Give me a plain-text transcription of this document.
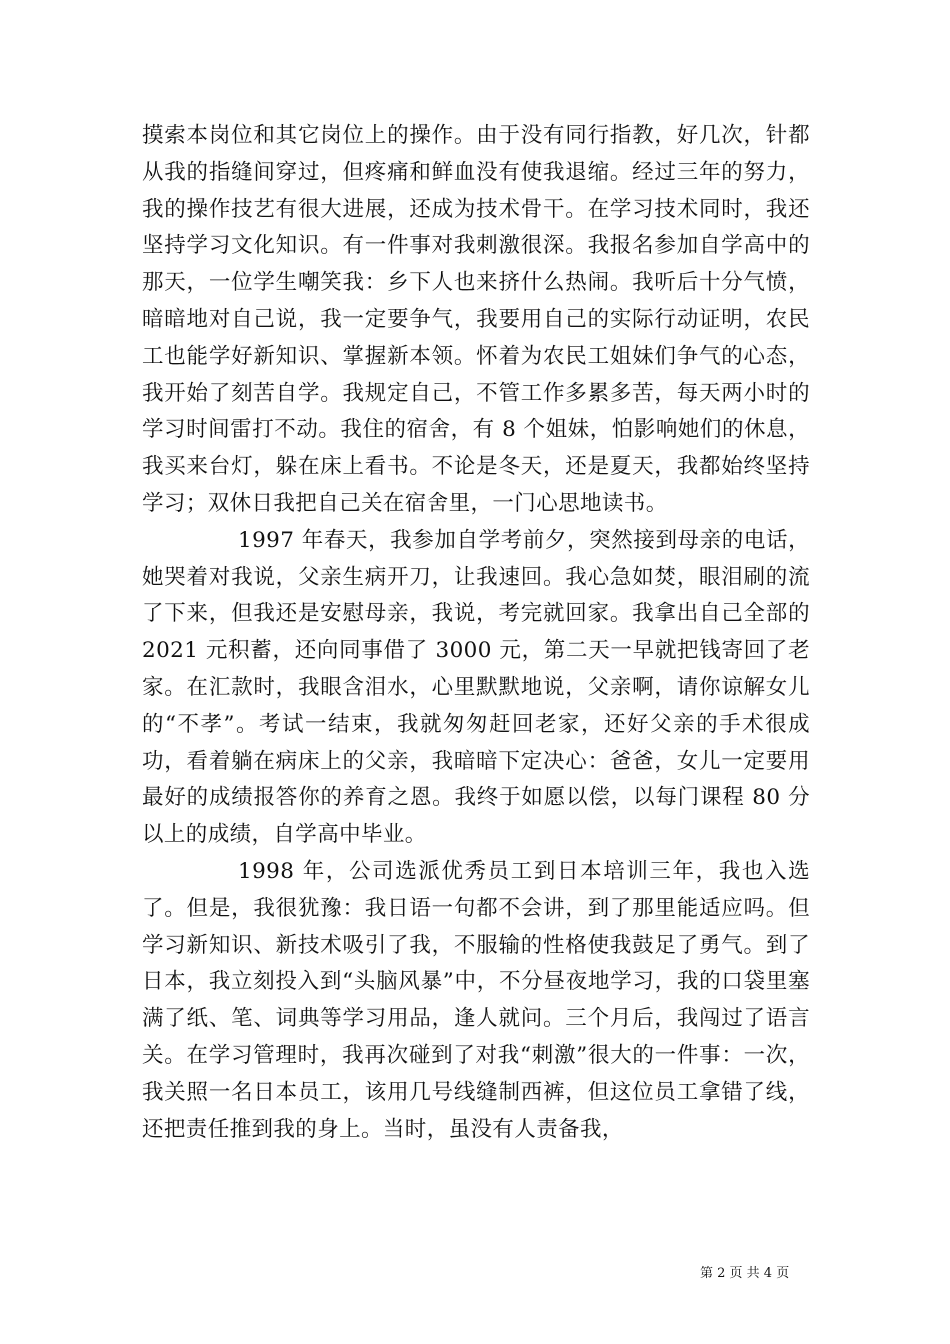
摸索本岗位和其它岗位上的操作。由于没有同行指教，好几次，针都从我的指缝间穿过，但疼痛和鲜血没有使我退缩。经过三年的努力，我的操作技艺有很大进展，还成为技术骨干。在学习技术同时，我还坚持学习文化知识。有一件事对我刺激很深。我报名参加自学高中的那天，一位学生嘲笑我：乡下人也来挤什么热闹。我听后十分气愤，暗暗地对自己说，我一定要争气，我要用自己的实际行动证明，农民工也能学好新知识、掌握新本领。怀着为农民工姐妹们争气的心态，我开始了刻苦自学。我规定自己，不管工作多累多苦，每天两小时的学习时间雷打不动。我住的宿舍，有 8 个姐妹，怕影响她们的休息，我买来台灯，躲在床上看书。不论是冬天，还是夏天，我都始终坚持学习；双休日我把自己关在宿舍里，一门心思地读书。

1997 年春天，我参加自学考前夕，突然接到母亲的电话，她哭着对我说，父亲生病开刀，让我速回。我心急如焚，眼泪刷的流了下来，但我还是安慰母亲，我说，考完就回家。我拿出自己全部的 2021 元积蓄，还向同事借了 3000 元，第二天一早就把钱寄回了老家。在汇款时，我眼含泪水，心里默默地说，父亲啊，请你谅解女儿的“不孝”。考试一结束，我就匆匆赶回老家，还好父亲的手术很成功，看着躺在病床上的父亲，我暗暗下定决心：爸爸，女儿一定要用最好的成绩报答你的养育之恩。我终于如愿以偿，以每门课程 80 分以上的成绩，自学高中毕业。

1998 年，公司选派优秀员工到日本培训三年，我也入选了。但是，我很犹豫：我日语一句都不会讲，到了那里能适应吗。但学习新知识、新技术吸引了我，不服输的性格使我鼓足了勇气。到了日本，我立刻投入到“头脑风暴”中，不分昼夜地学习，我的口袋里塞满了纸、笔、词典等学习用品，逢人就问。三个月后，我闯过了语言关。在学习管理时，我再次碰到了对我“刺激”很大的一件事：一次，我关照一名日本员工，该用几号线缝制西裤，但这位员工拿错了线，还把责任推到我的身上。当时，虽没有人责备我，

第 2 页 共 4 页
